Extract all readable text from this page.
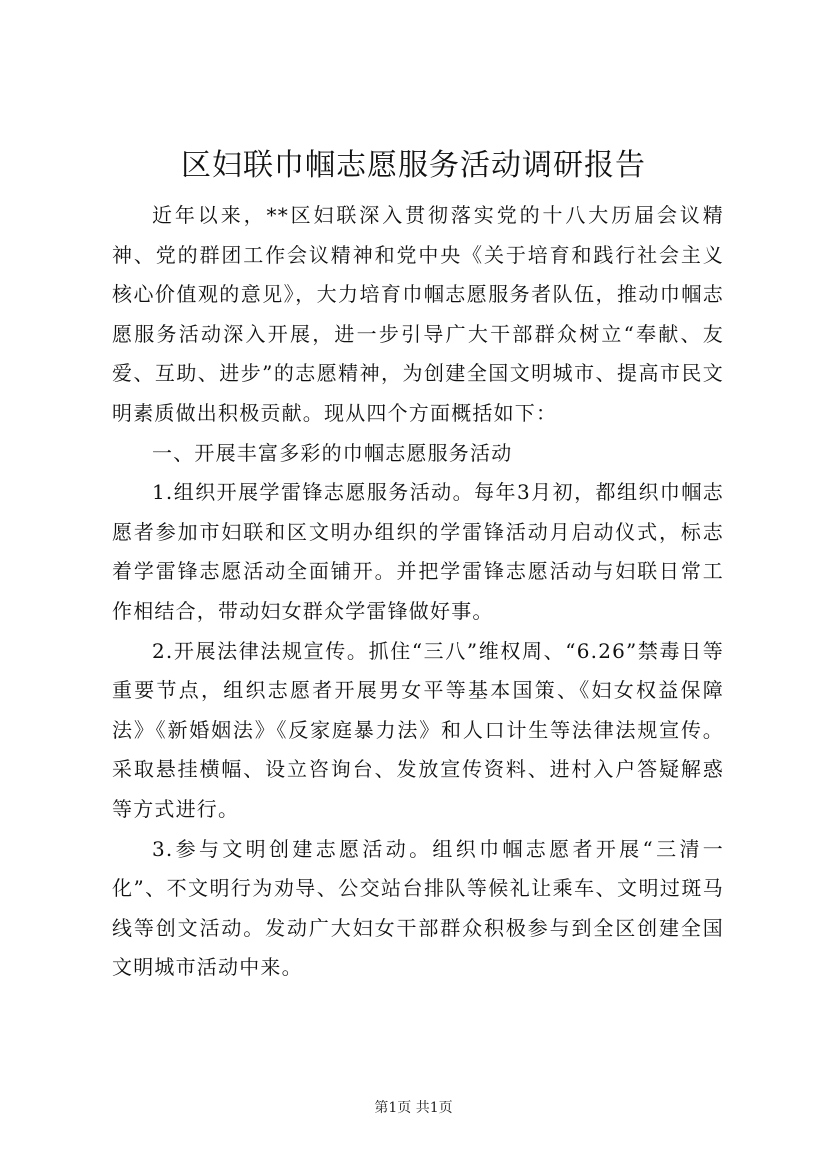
区妇联巾帼志愿服务活动调研报告

近年以来，**区妇联深入贯彻落实党的十八大历届会议精神、党的群团工作会议精神和党中央《关于培育和践行社会主义核心价值观的意见》，大力培育巾帼志愿服务者队伍，推动巾帼志愿服务活动深入开展，进一步引导广大干部群众树立“奉献、友爱、互助、进步”的志愿精神，为创建全国文明城市、提高市民文明素质做出积极贡献。现从四个方面概括如下：

一、开展丰富多彩的巾帼志愿服务活动

1.组织开展学雷锋志愿服务活动。每年3月初，都组织巾帼志愿者参加市妇联和区文明办组织的学雷锋活动月启动仪式，标志着学雷锋志愿活动全面铺开。并把学雷锋志愿活动与妇联日常工作相结合，带动妇女群众学雷锋做好事。

2.开展法律法规宣传。抓住“三八”维权周、“6.26”禁毒日等重要节点，组织志愿者开展男女平等基本国策、《妇女权益保障法》《新婚姻法》《反家庭暴力法》和人口计生等法律法规宣传。采取悬挂横幅、设立咨询台、发放宣传资料、进村入户答疑解惑等方式进行。

3.参与文明创建志愿活动。组织巾帼志愿者开展“三清一化”、不文明行为劝导、公交站台排队等候礼让乘车、文明过斑马线等创文活动。发动广大妇女干部群众积极参与到全区创建全国文明城市活动中来。

第1页 共1页
